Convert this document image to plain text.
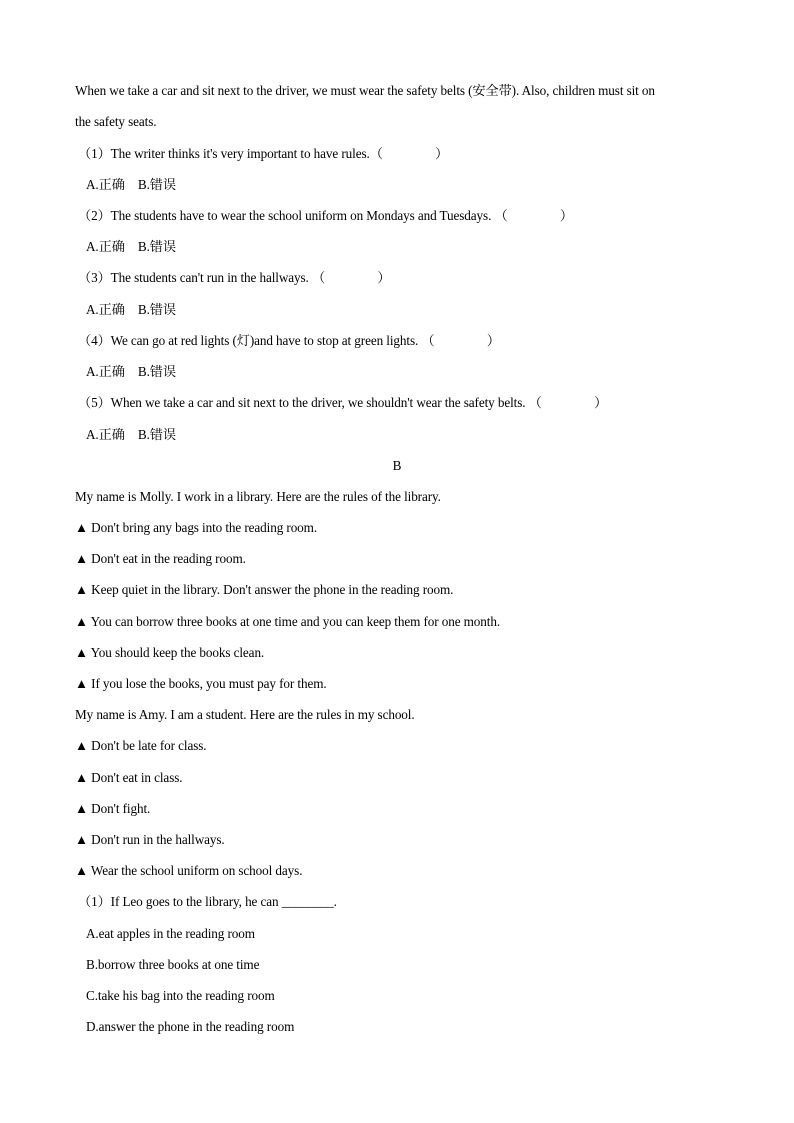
When we take a car and sit next to the driver, we must wear the safety belts (安全带). Also, children must sit on
the safety seats.
（1）The writer thinks it's very important to have rules.（　　　　）
A.正确　B.错误
（2）The students have to wear the school uniform on Mondays and Tuesdays. （　　　　）
A.正确　B.错误
（3）The students can't run in the hallways. （　　　　）
A.正确　B.错误
（4）We can go at red lights (灯)and have to stop at green lights. （　　　　）
A.正确　B.错误
（5）When we take a car and sit next to the driver, we shouldn't wear the safety belts. （　　　　）
A.正确　B.错误
B
My name is Molly. I work in a library. Here are the rules of the library.
▲ Don't bring any bags into the reading room.
▲ Don't eat in the reading room.
▲ Keep quiet in the library. Don't answer the phone in the reading room.
▲ You can borrow three books at one time and you can keep them for one month.
▲ You should keep the books clean.
▲ If you lose the books, you must pay for them.
My name is Amy. I am a student. Here are the rules in my school.
▲ Don't be late for class.
▲ Don't eat in class.
▲ Don't fight.
▲ Don't run in the hallways.
▲ Wear the school uniform on school days.
（1）If Leo goes to the library, he can ________.
A.eat apples in the reading room
B.borrow three books at one time
C.take his bag into the reading room
D.answer the phone in the reading room
